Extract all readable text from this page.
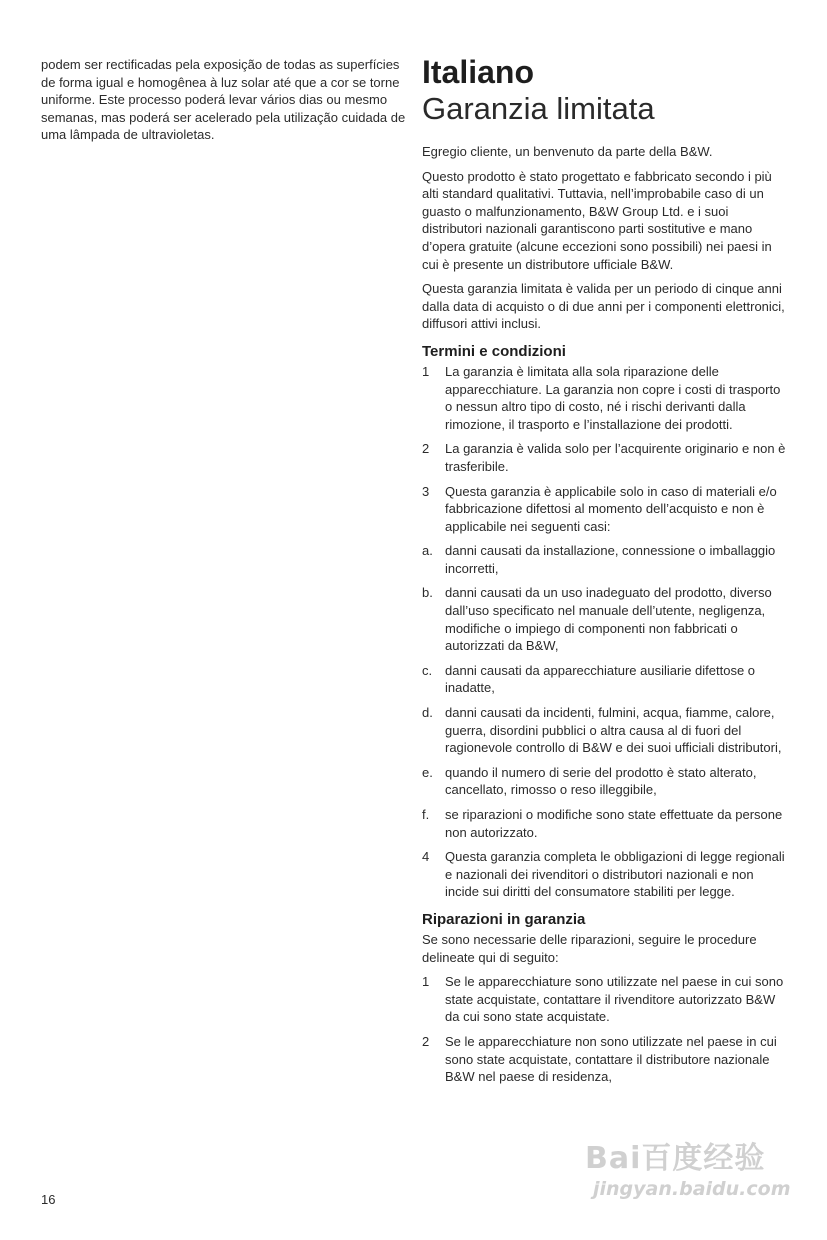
podem ser rectificadas pela exposição de todas as superfícies de forma igual e homogênea à luz solar até que a cor se torne uniforme. Este processo poderá levar vários dias ou mesmo semanas, mas poderá ser acelerado pela utilização cuidada de uma lâmpada de ultravioletas.

Italiano
Garanzia limitata

Egregio cliente, un benvenuto da parte della B&W.

Questo prodotto è stato progettato e fabbricato secondo i più alti standard qualitativi. Tuttavia, nell’improbabile caso di un guasto o malfunzionamento, B&W Group Ltd. e i suoi distributori nazionali garantiscono parti sostitutive e mano d’opera gratuite (alcune eccezioni sono possibili) nei paesi in cui è presente un distributore ufficiale B&W.

Questa garanzia limitata è valida per un periodo di cinque anni dalla data di acquisto o di due anni per i componenti elettronici, diffusori attivi inclusi.

Termini e condizioni
1	La garanzia è limitata alla sola riparazione delle apparecchiature. La garanzia non copre i costi di trasporto o nessun altro tipo di costo, né i rischi derivanti dalla rimozione, il trasporto e l’installazione dei prodotti.
2	La garanzia è valida solo per l’acquirente originario e non è trasferibile.
3	Questa garanzia è applicabile solo in caso di materiali e/o fabbricazione difettosi al momento dell’acquisto e non è applicabile nei seguenti casi:
a. danni causati da installazione, connessione o imballaggio incorretti,
b. danni causati da un uso inadeguato del prodotto, diverso dall’uso specificato nel manuale dell’utente, negligenza, modifiche o impiego di componenti non fabbricati o autorizzati da B&W,
c. danni causati da apparecchiature ausiliarie difettose o inadatte,
d. danni causati da incidenti, fulmini, acqua, fiamme, calore, guerra, disordini pubblici o altra causa al di fuori del ragionevole controllo di B&W e dei suoi ufficiali distributori,
e. quando il numero di serie del prodotto è stato alterato, cancellato, rimosso o reso illeggibile,
f.	se riparazioni o modifiche sono state effettuate da persone non autorizzato.
4	Questa garanzia completa le obbligazioni di legge regionali e nazionali dei rivenditori o distributori nazionali e non incide sui diritti del consumatore stabiliti per legge.
Riparazioni in garanzia

Se sono necessarie delle riparazioni, seguire le procedure delineate qui di seguito:

1	Se le apparecchiature sono utilizzate nel paese in cui sono state acquistate, contattare il rivenditore autorizzato B&W da cui sono state acquistate.
2	Se le apparecchiature non sono utilizzate nel paese in cui sono state acquistate, contattare il distributore nazionale B&W nel paese di residenza,
16
Bai百度经验
jingyan.baidu.com
